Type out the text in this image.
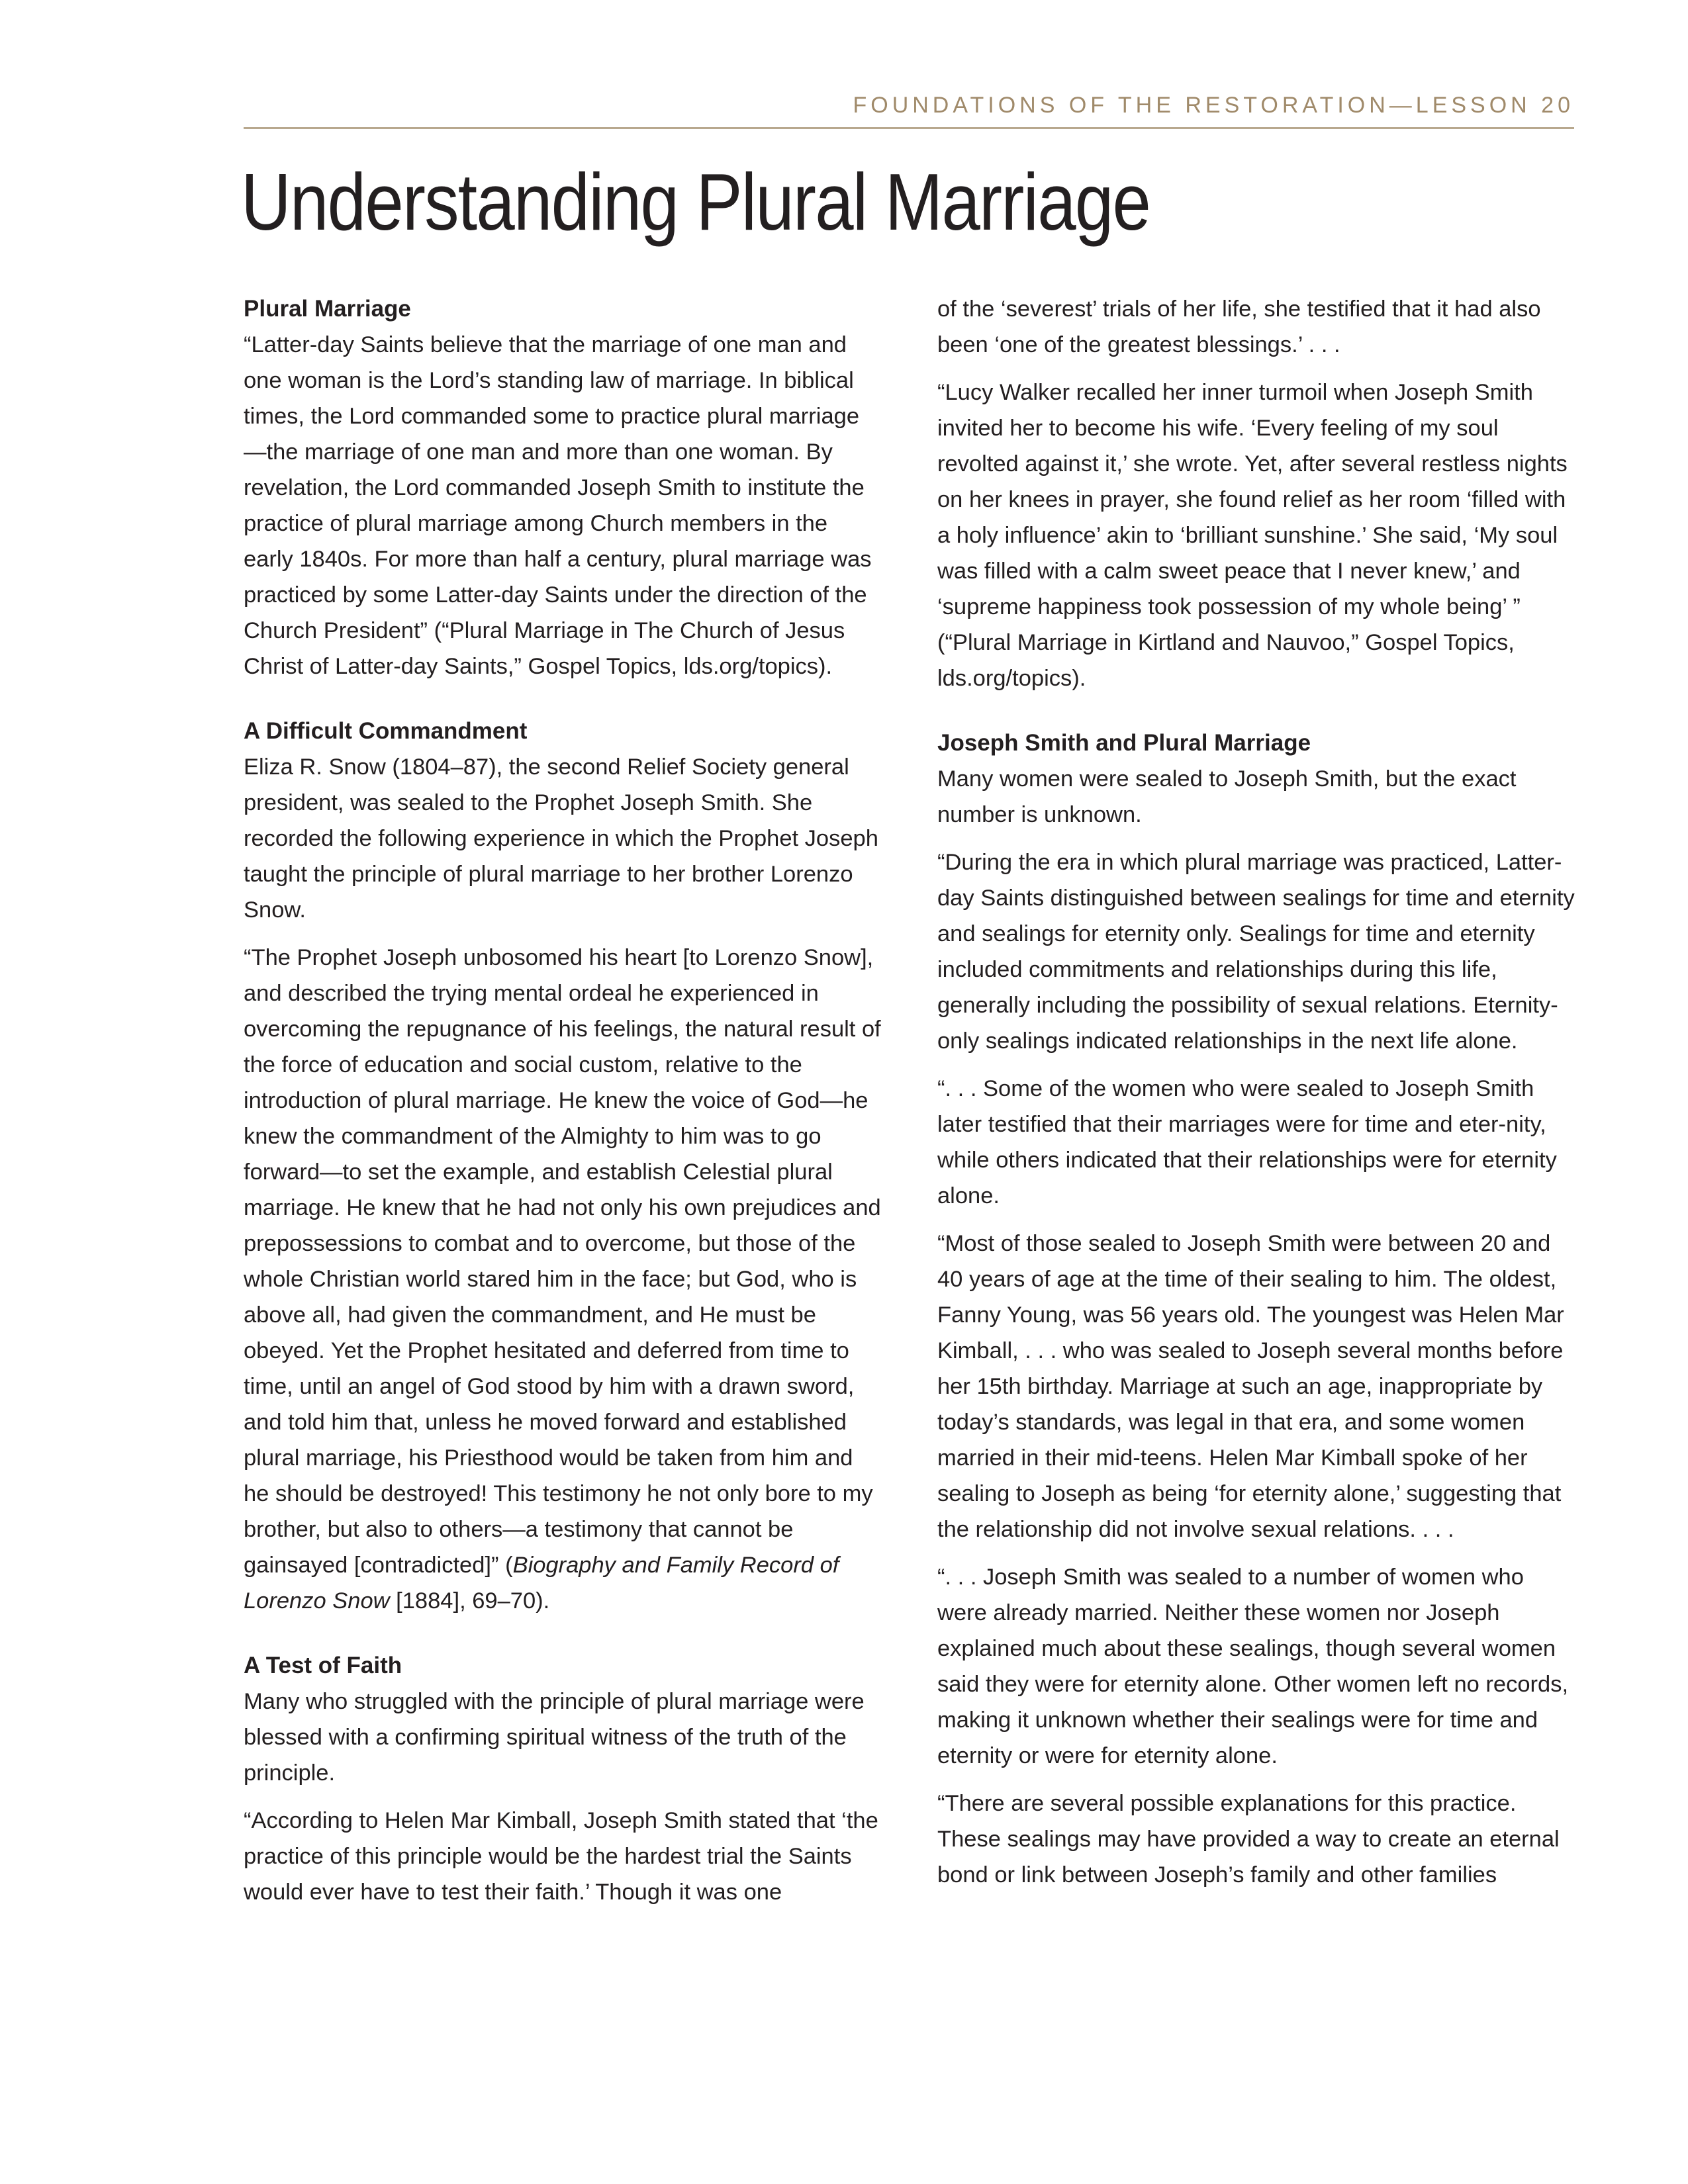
FOUNDATIONS OF THE RESTORATION—LESSON 20
Understanding Plural Marriage
Plural Marriage

“Latter-day Saints believe that the marriage of one man and one woman is the Lord’s standing law of marriage. In biblical times, the Lord commanded some to practice plural marriage—the marriage of one man and more than one woman. By revelation, the Lord commanded Joseph Smith to institute the practice of plural marriage among Church members in the early 1840s. For more than half a century, plural marriage was practiced by some Latter-day Saints under the direction of the Church President” (“Plural Marriage in The Church of Jesus Christ of Latter-day Saints,” Gospel Topics, lds.org/topics).

A Difficult Commandment

Eliza R. Snow (1804–87), the second Relief Society general president, was sealed to the Prophet Joseph Smith. She recorded the following experience in which the Prophet Joseph taught the principle of plural marriage to her brother Lorenzo Snow.

“The Prophet Joseph unbosomed his heart [to Lorenzo Snow], and described the trying mental ordeal he experienced in overcoming the repugnance of his feelings, the natural result of the force of education and social custom, relative to the introduction of plural marriage. He knew the voice of God—he knew the commandment of the Almighty to him was to go forward—to set the example, and establish Celestial plural marriage. He knew that he had not only his own prejudices and prepossessions to combat and to overcome, but those of the whole Christian world stared him in the face; but God, who is above all, had given the commandment, and He must be obeyed. Yet the Prophet hesitated and deferred from time to time, until an angel of God stood by him with a drawn sword, and told him that, unless he moved forward and established plural marriage, his Priesthood would be taken from him and he should be destroyed! This testimony he not only bore to my brother, but also to others—a testimony that cannot be gainsayed [contradicted]” (Biography and Family Record of Lorenzo Snow [1884], 69–70).

A Test of Faith

Many who struggled with the principle of plural marriage were blessed with a confirming spiritual witness of the truth of the principle.

“According to Helen Mar Kimball, Joseph Smith stated that ‘the practice of this principle would be the hardest trial the Saints would ever have to test their faith.’ Though it was one

of the ‘severest’ trials of her life, she testified that it had also been ‘one of the greatest blessings.’ . . .

“Lucy Walker recalled her inner turmoil when Joseph Smith invited her to become his wife. ‘Every feeling of my soul revolted against it,’ she wrote. Yet, after several restless nights on her knees in prayer, she found relief as her room ‘filled with a holy influence’ akin to ‘brilliant sunshine.’ She said, ‘My soul was filled with a calm sweet peace that I never knew,’ and ‘supreme happiness took possession of my whole being’ ” (“Plural Marriage in Kirtland and Nauvoo,” Gospel Topics, lds.org/topics).

Joseph Smith and Plural Marriage

Many women were sealed to Joseph Smith, but the exact number is unknown.

“During the era in which plural marriage was practiced, Latter-day Saints distinguished between sealings for time and eternity and sealings for eternity only. Sealings for time and eternity included commitments and relationships during this life, generally including the possibility of sexual relations. Eternity-only sealings indicated relationships in the next life alone.

“. . . Some of the women who were sealed to Joseph Smith later testified that their marriages were for time and eter-nity, while others indicated that their relationships were for eternity alone.

“Most of those sealed to Joseph Smith were between 20 and 40 years of age at the time of their sealing to him. The oldest, Fanny Young, was 56 years old. The youngest was Helen Mar Kimball, . . . who was sealed to Joseph several months before her 15th birthday. Marriage at such an age, inappropriate by today’s standards, was legal in that era, and some women married in their mid-teens. Helen Mar Kimball spoke of her sealing to Joseph as being ‘for eternity alone,’ suggesting that the relationship did not involve sexual relations. . . .

“. . . Joseph Smith was sealed to a number of women who were already married. Neither these women nor Joseph explained much about these sealings, though several women said they were for eternity alone. Other women left no records, making it unknown whether their sealings were for time and eternity or were for eternity alone.

“There are several possible explanations for this practice. These sealings may have provided a way to create an eternal bond or link between Joseph’s family and other families
